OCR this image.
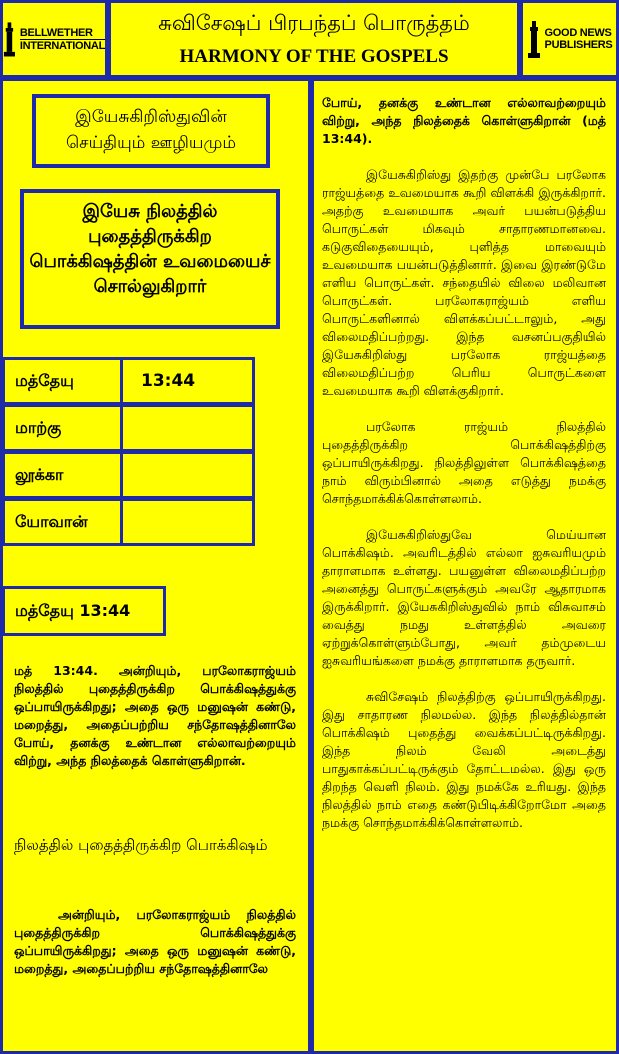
BELLWETHER
INTERNATIONAL
சுவிசேஷப் பிரபந்தப் பொருத்தம்
HARMONY OF THE GOSPELS
GOOD NEWS
PUBLISHERS
இயேசுகிறிஸ்துவின் செய்தியும் ஊழியமும்
இயேசு நிலத்தில் புதைத்திருக்கிற பொக்கிஷத்தின் உவமையைச் சொல்லுகிறார்
மத்தேயு	13:44
மாற்கு
லூக்கா
யோவான்
மத்தேயு 13:44
மத் 13:44. அன்றியும், பரலோகராஜ்யம் நிலத்தில் புதைத்திருக்கிற பொக்கிஷத்துக்கு ஒப்பாயிருக்கிறது; அதை ஒரு மனுஷன் கண்டு, மறைத்து, அதைப்பற்றிய சந்தோஷத்தினாலே போய், தனக்கு உண்டான எல்லாவற்றையும் விற்று, அந்த நிலத்தைக் கொள்ளுகிறான்.
நிலத்தில் புதைத்திருக்கிற பொக்கிஷம்
அன்றியும், பரலோகராஜ்யம் நிலத்தில் புதைத்திருக்கிற பொக்கிஷத்துக்கு ஒப்பாயிருக்கிறது; அதை ஒரு மனுஷன் கண்டு, மறைத்து, அதைப்பற்றிய சந்தோஷத்தினாலே

போய், தனக்கு உண்டான எல்லாவற்றையும் விற்று, அந்த நிலத்தைக் கொள்ளுகிறான் (மத் 13:44).

இயேசுகிறிஸ்து இதற்கு முன்பே பரலோக ராஜ்யத்தை உவமையாக கூறி விளக்கி இருக்கிறார். அதற்கு உவமையாக அவர் பயன்படுத்திய பொருட்கள் மிகவும் சாதாரணமானவை. கடுகுவிதையையும், புளித்த மாவையும் உவமையாக பயன்படுத்தினார். இவை இரண்டுமே எளிய பொருட்கள். சந்தையில் விலை மலிவான பொருட்கள். பரலோகராஜ்யம் எளிய பொருட்களினால் விளக்கப்பட்டாலும், அது விலைமதிப்பற்றது. இந்த வசனப்பகுதியில் இயேசுகிறிஸ்து பரலோக ராஜ்யத்தை விலைமதிப்பற்ற பெரிய பொருட்களை உவமையாக கூறி விளக்குகிறார்.

பரலோக ராஜ்யம் நிலத்தில் புதைத்திருக்கிற பொக்கிஷத்திற்கு ஒப்பாயிருக்கிறது. நிலத்திலுள்ள பொக்கிஷத்தை நாம் விரும்பினால் அதை எடுத்து நமக்கு சொந்தமாக்கிக்கொள்ளலாம்.

இயேசுகிறிஸ்துவே மெய்யான பொக்கிஷம். அவரிடத்தில் எல்லா ஐசுவரியமும் தாராளமாக உள்ளது. பயனுள்ள விலைமதிப்பற்ற அனைத்து பொருட்களுக்கும் அவரே ஆதாரமாக இருக்கிறார். இயேசுகிறிஸ்துவில் நாம் விசுவாசம் வைத்து நமது உள்ளத்தில் அவரை ஏற்றுக்கொள்ளும்போது, அவர் தம்முடைய ஐசுவரியங்களை நமக்கு தாராளமாக தருவார்.

சுவிசேஷம் நிலத்திற்கு ஒப்பாயிருக்கிறது. இது சாதாரண நிலமல்ல. இந்த நிலத்தில்தான் பொக்கிஷம் புதைத்து வைக்கப்பட்டிருக்கிறது. இந்த நிலம் வேலி அடைத்து பாதுகாக்கப்பட்டிருக்கும் தோட்டமல்ல. இது ஒரு திறந்த வெளி நிலம். இது நமக்கே உரியது. இந்த நிலத்தில் நாம் எதை கண்டுபிடிக்கிறோமோ அதை நமக்கு சொந்தமாக்கிக்கொள்ளலாம்.
